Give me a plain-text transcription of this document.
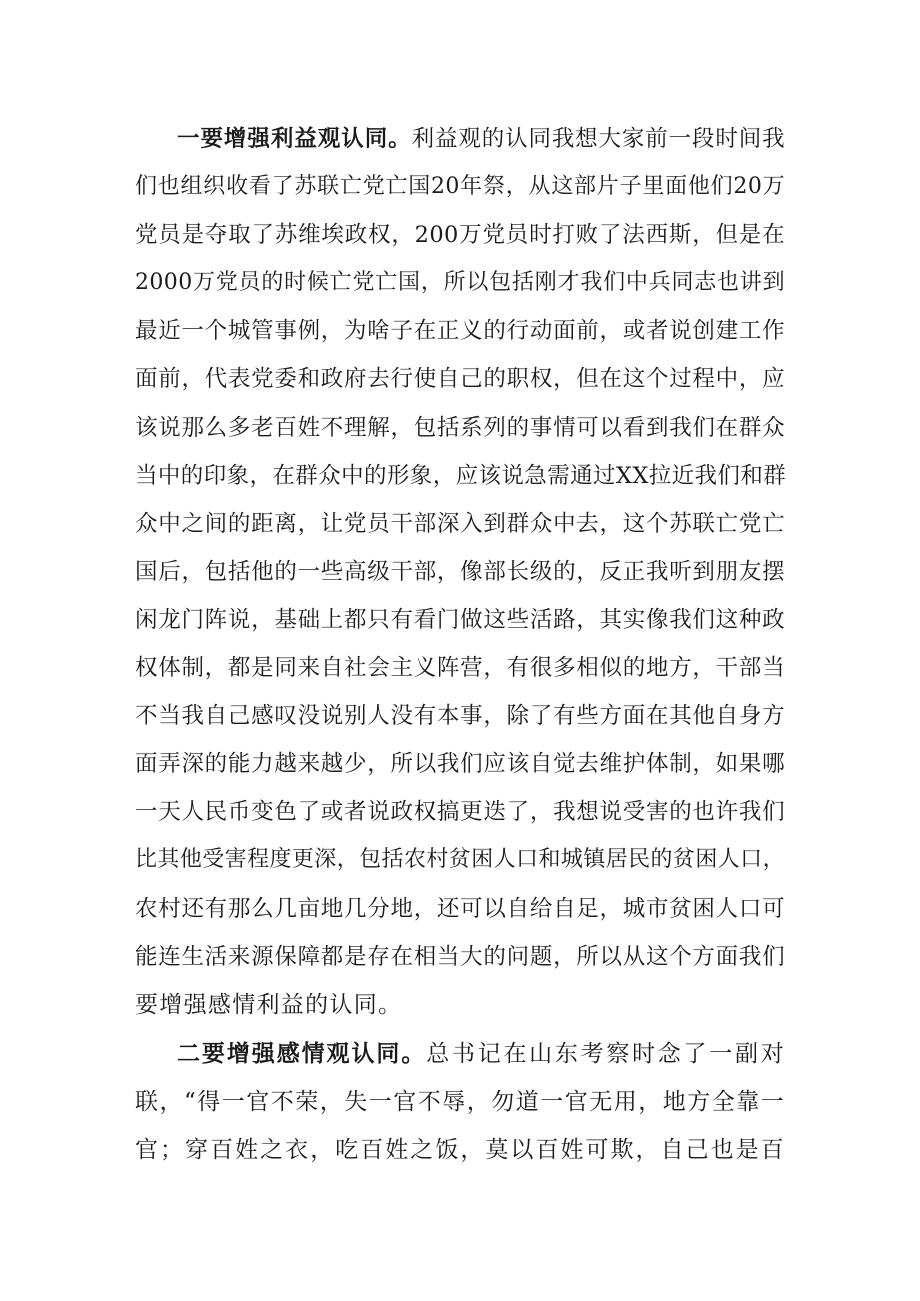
一要增强利益观认同。利益观的认同我想大家前一段时间我
们也组织收看了苏联亡党亡国20年祭，从这部片子里面他们20万
党员是夺取了苏维埃政权，200万党员时打败了法西斯，但是在
2000万党员的时候亡党亡国，所以包括刚才我们中兵同志也讲到
最近一个城管事例，为啥子在正义的行动面前，或者说创建工作
面前，代表党委和政府去行使自己的职权，但在这个过程中，应
该说那么多老百姓不理解，包括系列的事情可以看到我们在群众
当中的印象，在群众中的形象，应该说急需通过XX拉近我们和群
众中之间的距离，让党员干部深入到群众中去，这个苏联亡党亡
国后，包括他的一些高级干部，像部长级的，反正我听到朋友摆
闲龙门阵说，基础上都只有看门做这些活路，其实像我们这种政
权体制，都是同来自社会主义阵营，有很多相似的地方，干部当
不当我自己感叹没说别人没有本事，除了有些方面在其他自身方
面弄深的能力越来越少，所以我们应该自觉去维护体制，如果哪
一天人民币变色了或者说政权搞更迭了，我想说受害的也许我们
比其他受害程度更深，包括农村贫困人口和城镇居民的贫困人口，
农村还有那么几亩地几分地，还可以自给自足，城市贫困人口可
能连生活来源保障都是存在相当大的问题，所以从这个方面我们
要增强感情利益的认同。
二要增强感情观认同。总书记在山东考察时念了一副对
联，“得一官不荣，失一官不辱，勿道一官无用，地方全靠一
官；穿百姓之衣，吃百姓之饭，莫以百姓可欺，自己也是百
